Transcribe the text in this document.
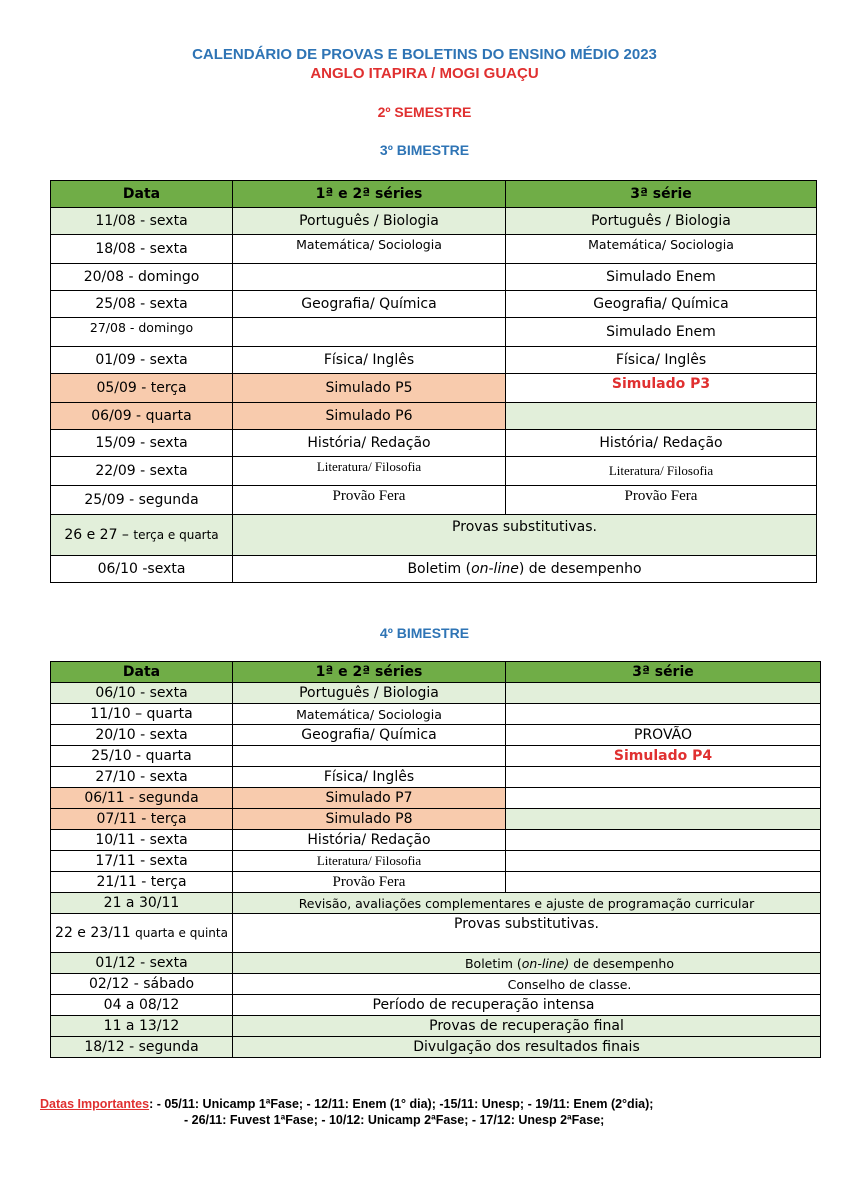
CALENDÁRIO DE PROVAS E BOLETINS DO ENSINO MÉDIO 2023
ANGLO ITAPIRA / MOGI GUAÇU
2º SEMESTRE
3º BIMESTRE
Data	1ª e 2ª séries	3ª série
11/08 - sexta	Português / Biologia	Português / Biologia
18/08 - sexta	Matemática/ Sociologia	Matemática/ Sociologia
20/08 - domingo		Simulado Enem
25/08 - sexta	Geografia/ Química	Geografia/ Química
27/08 - domingo		Simulado Enem
01/09 - sexta	Física/ Inglês	Física/ Inglês
05/09 - terça	Simulado P5	Simulado P3
06/09 - quarta	Simulado P6	
15/09 - sexta	História/ Redação	História/ Redação
22/09 - sexta	Literatura/ Filosofia	Literatura/ Filosofia
25/09 - segunda	Provão Fera	Provão Fera
26 e 27 – terça e quarta	Provas substitutivas.	
06/10 -sexta	Boletim (on-line) de desempenho	
4º BIMESTRE
Data	1ª e 2ª séries	3ª série
06/10 - sexta	Português / Biologia	
11/10 – quarta	Matemática/ Sociologia	
20/10 - sexta	Geografia/ Química	PROVÃO
25/10 - quarta		Simulado P4
27/10 - sexta	Física/ Inglês	
06/11 - segunda	Simulado P7	
07/11 - terça	Simulado P8	
10/11 - sexta	História/ Redação	
17/11 - sexta	Literatura/ Filosofia	
21/11 - terça	Provão Fera	
21 a 30/11	Revisão, avaliações complementares e ajuste de programação curricular	
22 e 23/11 quarta e quinta	Provas substitutivas.	
01/12 - sexta	Boletim (on-line) de desempenho	
02/12 - sábado	Conselho de classe.	
04 a 08/12	Período de recuperação intensa	
11 a 13/12	Provas de recuperação final	
18/12 - segunda	Divulgação dos resultados finais	
Datas Importantes: - 05/11: Unicamp 1ªFase; - 12/11: Enem (1° dia); -15/11: Unesp; - 19/11: Enem (2°dia);
- 26/11: Fuvest 1ªFase; - 10/12: Unicamp 2ªFase; - 17/12: Unesp 2ªFase;
